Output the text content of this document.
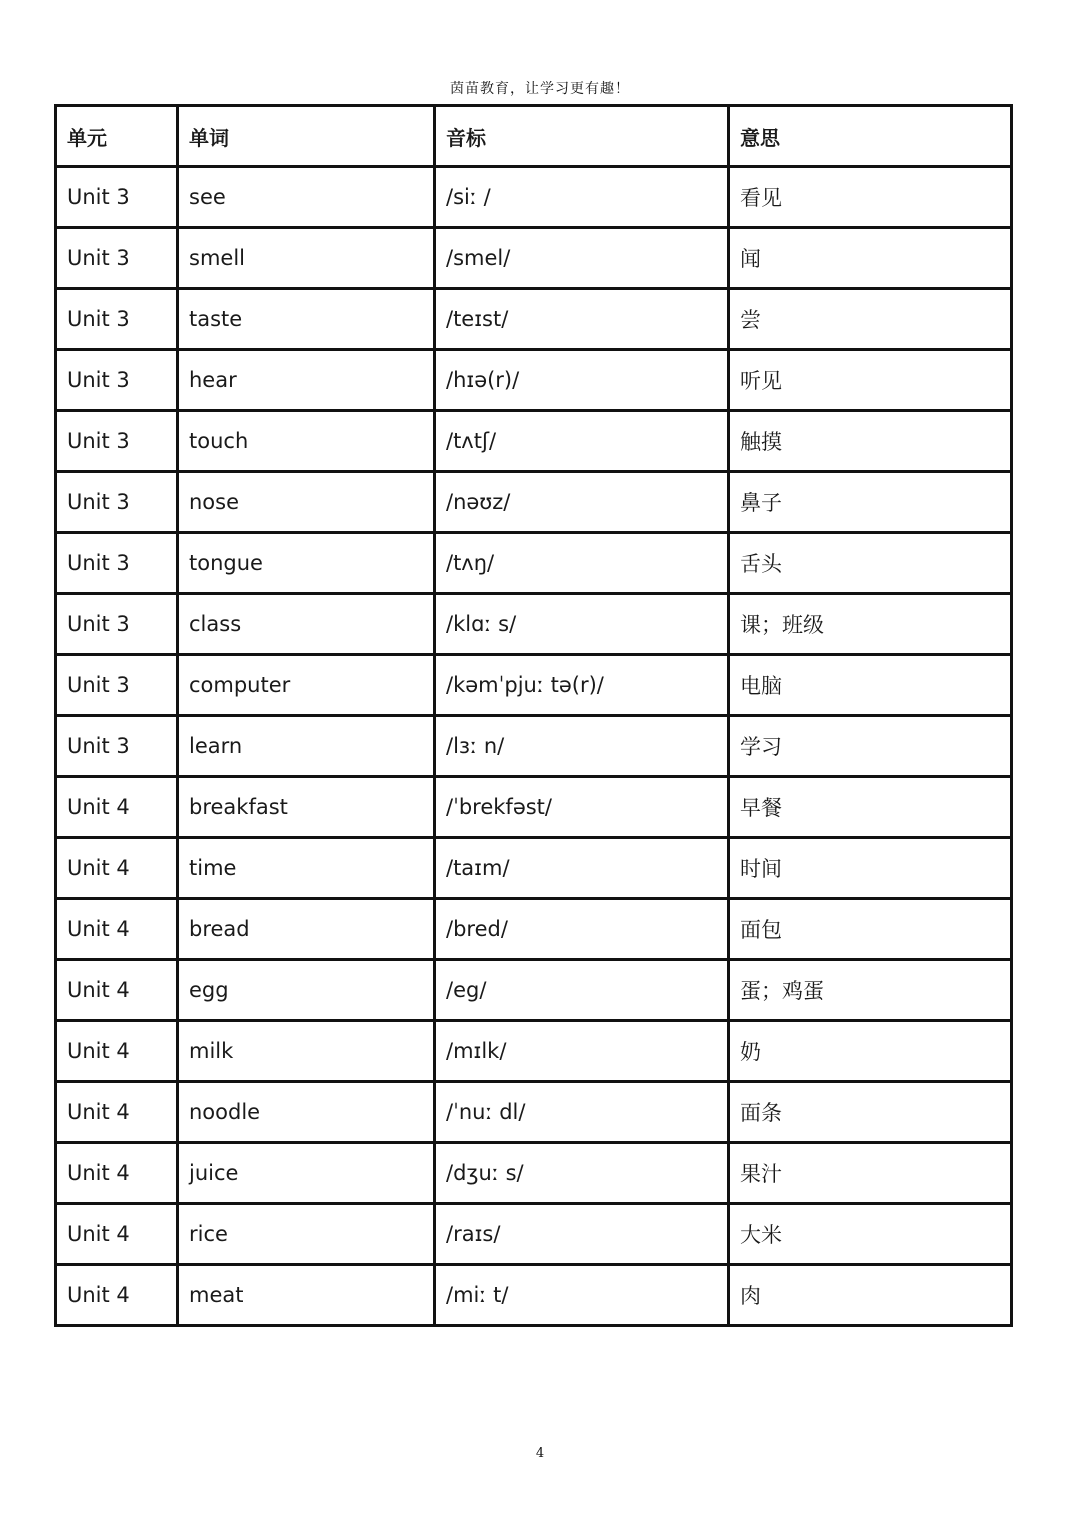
茵苗教育，让学习更有趣！
单元	单词	音标	意思
Unit 3	see	/siː /	看见
Unit 3	smell	/smel/	闻
Unit 3	taste	/teɪst/	尝
Unit 3	hear	/hɪə(r)/	听见
Unit 3	touch	/tʌtʃ/	触摸
Unit 3	nose	/nəʊz/	鼻子
Unit 3	tongue	/tʌŋ/	舌头
Unit 3	class	/klɑː s/	课；班级
Unit 3	computer	/kəmˈpjuː tə(r)/	电脑
Unit 3	learn	/lɜː n/	学习
Unit 4	breakfast	/ˈbrekfəst/	早餐
Unit 4	time	/taɪm/	时间
Unit 4	bread	/bred/	面包
Unit 4	egg	/eg/	蛋；鸡蛋
Unit 4	milk	/mɪlk/	奶
Unit 4	noodle	/ˈnuː dl/	面条
Unit 4	juice	/dʒuː s/	果汁
Unit 4	rice	/raɪs/	大米
Unit 4	meat	/miː t/	肉
4
